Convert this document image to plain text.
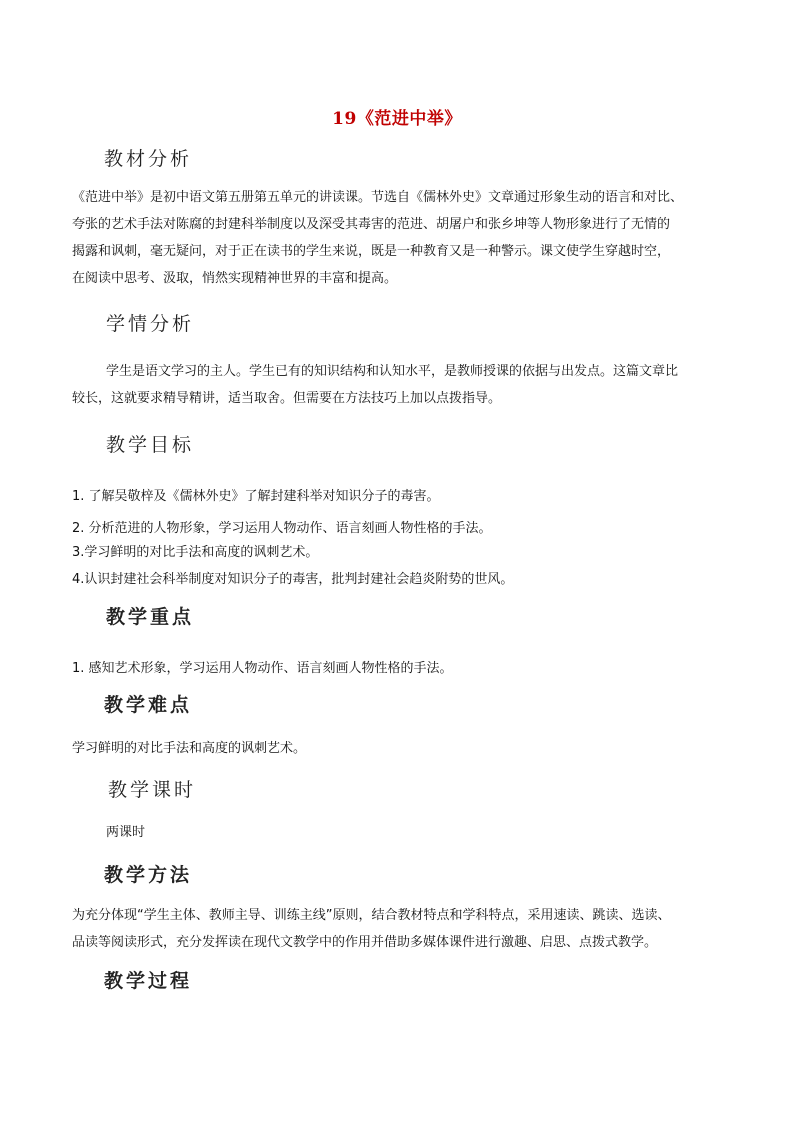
19《范进中举》
教材分析
《范进中举》是初中语文第五册第五单元的讲读课。节选自《儒林外史》文章通过形象生动的语言和对比、
夸张的艺术手法对陈腐的封建科举制度以及深受其毒害的范进、胡屠户和张乡坤等人物形象进行了无情的
揭露和讽刺，毫无疑问，对于正在读书的学生来说，既是一种教育又是一种警示。课文使学生穿越时空，
在阅读中思考、汲取，悄然实现精神世界的丰富和提高。
学情分析
学生是语文学习的主人。学生已有的知识结构和认知水平，是教师授课的依据与出发点。这篇文章比
较长，这就要求精导精讲，适当取舍。但需要在方法技巧上加以点拨指导。
教学目标
1. 了解吴敬梓及《儒林外史》了解封建科举对知识分子的毒害。
2. 分析范进的人物形象，学习运用人物动作、语言刻画人物性格的手法。
3.学习鲜明的对比手法和高度的讽刺艺术。
4.认识封建社会科举制度对知识分子的毒害，批判封建社会趋炎附势的世风。
教学重点
1. 感知艺术形象，学习运用人物动作、语言刻画人物性格的手法。
教学难点
学习鲜明的对比手法和高度的讽刺艺术。
教学课时
两课时
教学方法
为充分体现“学生主体、教师主导、训练主线”原则，结合教材特点和学科特点，采用速读、跳读、选读、
品读等阅读形式，充分发挥读在现代文教学中的作用并借助多媒体课件进行激趣、启思、点拨式教学。
教学过程
